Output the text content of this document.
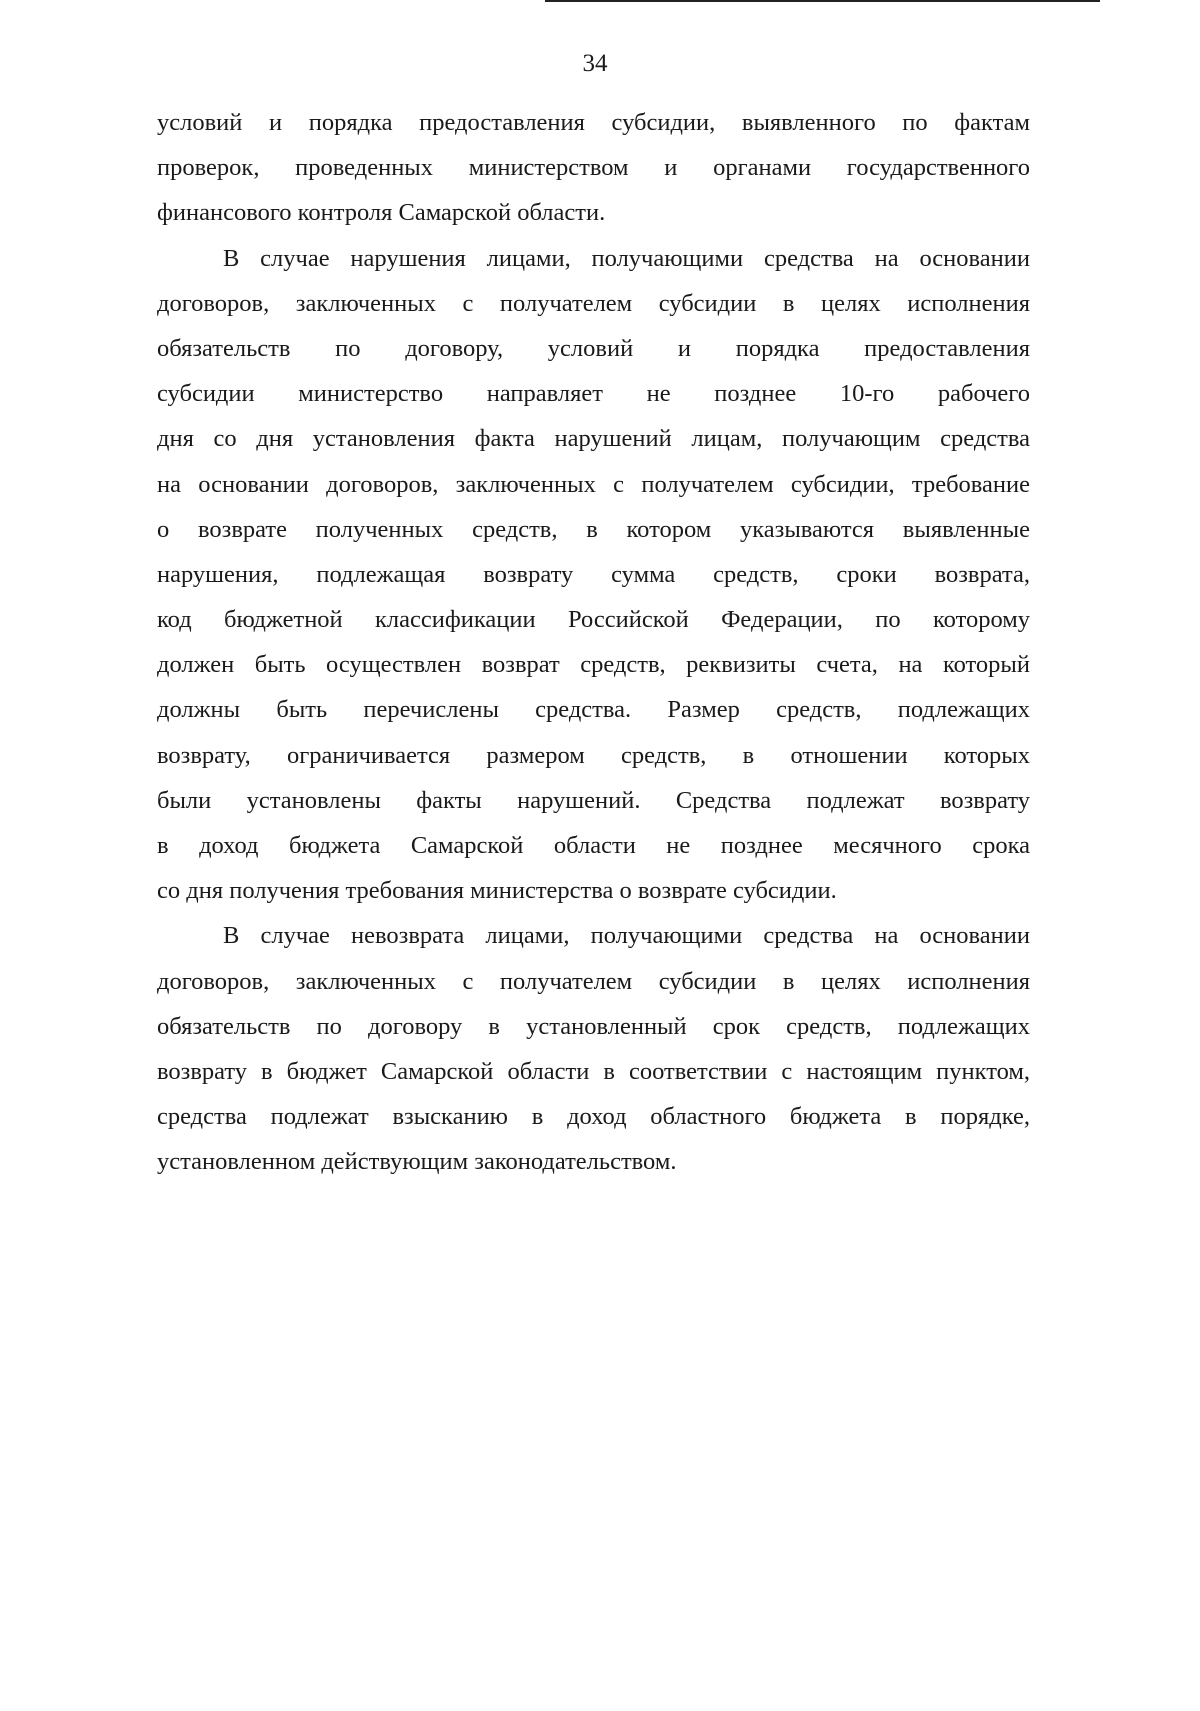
34
условий и порядка предоставления субсидии, выявленного по фактам
проверок, проведенных министерством и органами государственного
финансового контроля Самарской области.
В случае нарушения лицами, получающими средства на основании
договоров, заключенных с получателем субсидии в целях исполнения
обязательств по договору, условий и порядка предоставления
субсидии министерство направляет не позднее 10-го рабочего
дня со дня установления факта нарушений лицам, получающим средства
на основании договоров, заключенных с получателем субсидии, требование
о возврате полученных средств, в котором указываются выявленные
нарушения, подлежащая возврату сумма средств, сроки возврата,
код бюджетной классификации Российской Федерации, по которому
должен быть осуществлен возврат средств, реквизиты счета, на который
должны быть перечислены средства. Размер средств, подлежащих
возврату, ограничивается размером средств, в отношении которых
были установлены факты нарушений. Средства подлежат возврату
в доход бюджета Самарской области не позднее месячного срока
со дня получения требования министерства о возврате субсидии.
В случае невозврата лицами, получающими средства на основании
договоров, заключенных с получателем субсидии в целях исполнения
обязательств по договору в установленный срок средств, подлежащих
возврату в бюджет Самарской области в соответствии с настоящим пунктом,
средства подлежат взысканию в доход областного бюджета в порядке,
установленном действующим законодательством.
